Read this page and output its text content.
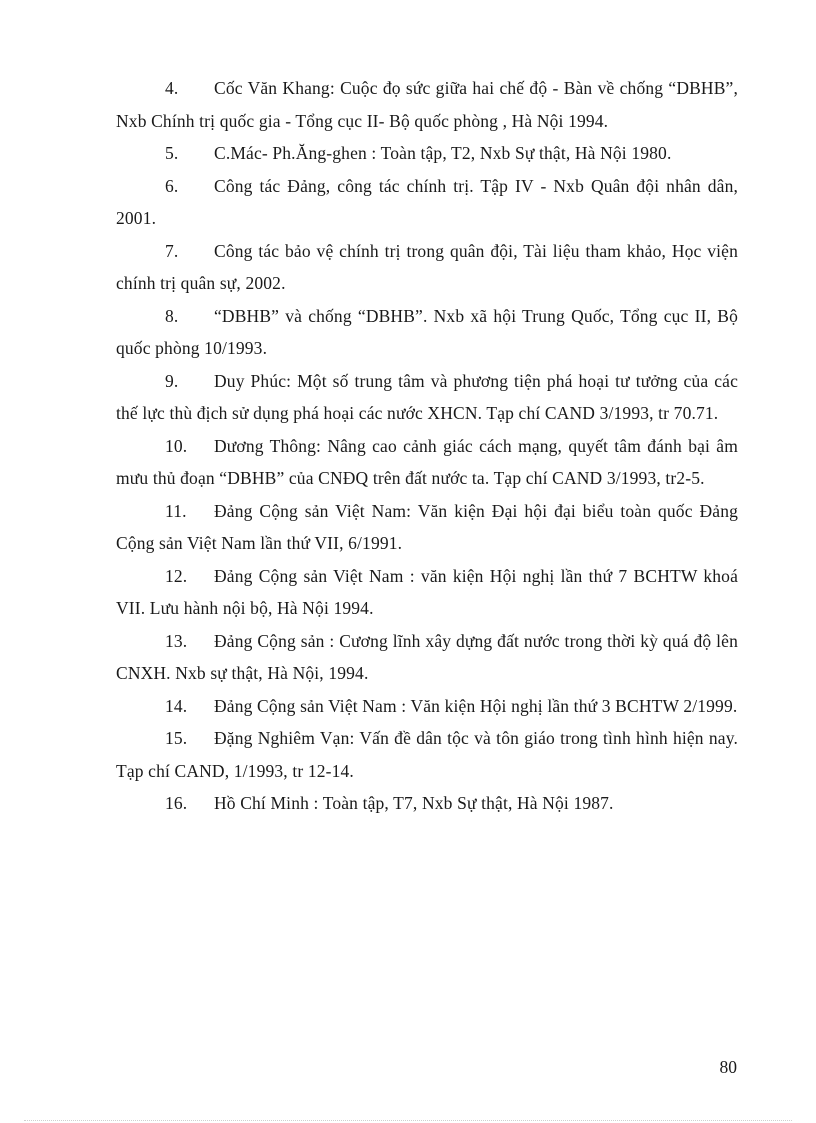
4. Cốc Văn Khang: Cuộc đọ sức giữa hai chế độ - Bàn về chống “DBHB”, Nxb Chính trị quốc gia - Tổng cục II- Bộ quốc phòng , Hà Nội 1994.

5. C.Mác- Ph.Ăng-ghen : Toàn tập, T2, Nxb Sự thật, Hà Nội 1980.

6. Công tác Đảng, công tác chính trị. Tập IV - Nxb Quân đội nhân dân, 2001.

7. Công tác bảo vệ chính trị trong quân đội, Tài liệu tham khảo, Học viện chính trị quân sự, 2002.

8. “DBHB” và chống “DBHB”. Nxb xã hội Trung Quốc, Tổng cục II, Bộ quốc phòng 10/1993.

9. Duy Phúc: Một số trung tâm và phương tiện phá hoại tư tưởng của các thế lực thù địch sử dụng phá hoại các nước XHCN. Tạp chí CAND 3/1993, tr 70.71.

10. Dương Thông: Nâng cao cảnh giác cách mạng, quyết tâm đánh bại âm mưu thủ đoạn “DBHB” của CNĐQ trên đất nước ta. Tạp chí CAND 3/1993, tr2-5.

11. Đảng Cộng sản Việt Nam: Văn kiện Đại hội đại biểu toàn quốc Đảng Cộng sản Việt Nam lần thứ VII, 6/1991.

12. Đảng Cộng sản Việt Nam : văn kiện Hội nghị lần thứ 7 BCHTW khoá VII. Lưu hành nội bộ, Hà Nội 1994.

13. Đảng Cộng sản : Cương lĩnh xây dựng đất nước trong thời kỳ quá độ lên CNXH. Nxb sự thật, Hà Nội, 1994.

14. Đảng Cộng sản Việt Nam : Văn kiện Hội nghị lần thứ 3 BCHTW 2/1999.

15. Đặng Nghiêm Vạn: Vấn đề dân tộc và tôn giáo trong tình hình hiện nay. Tạp chí CAND, 1/1993, tr 12-14.

16. Hồ Chí Minh : Toàn tập, T7, Nxb Sự thật, Hà Nội 1987.

80
